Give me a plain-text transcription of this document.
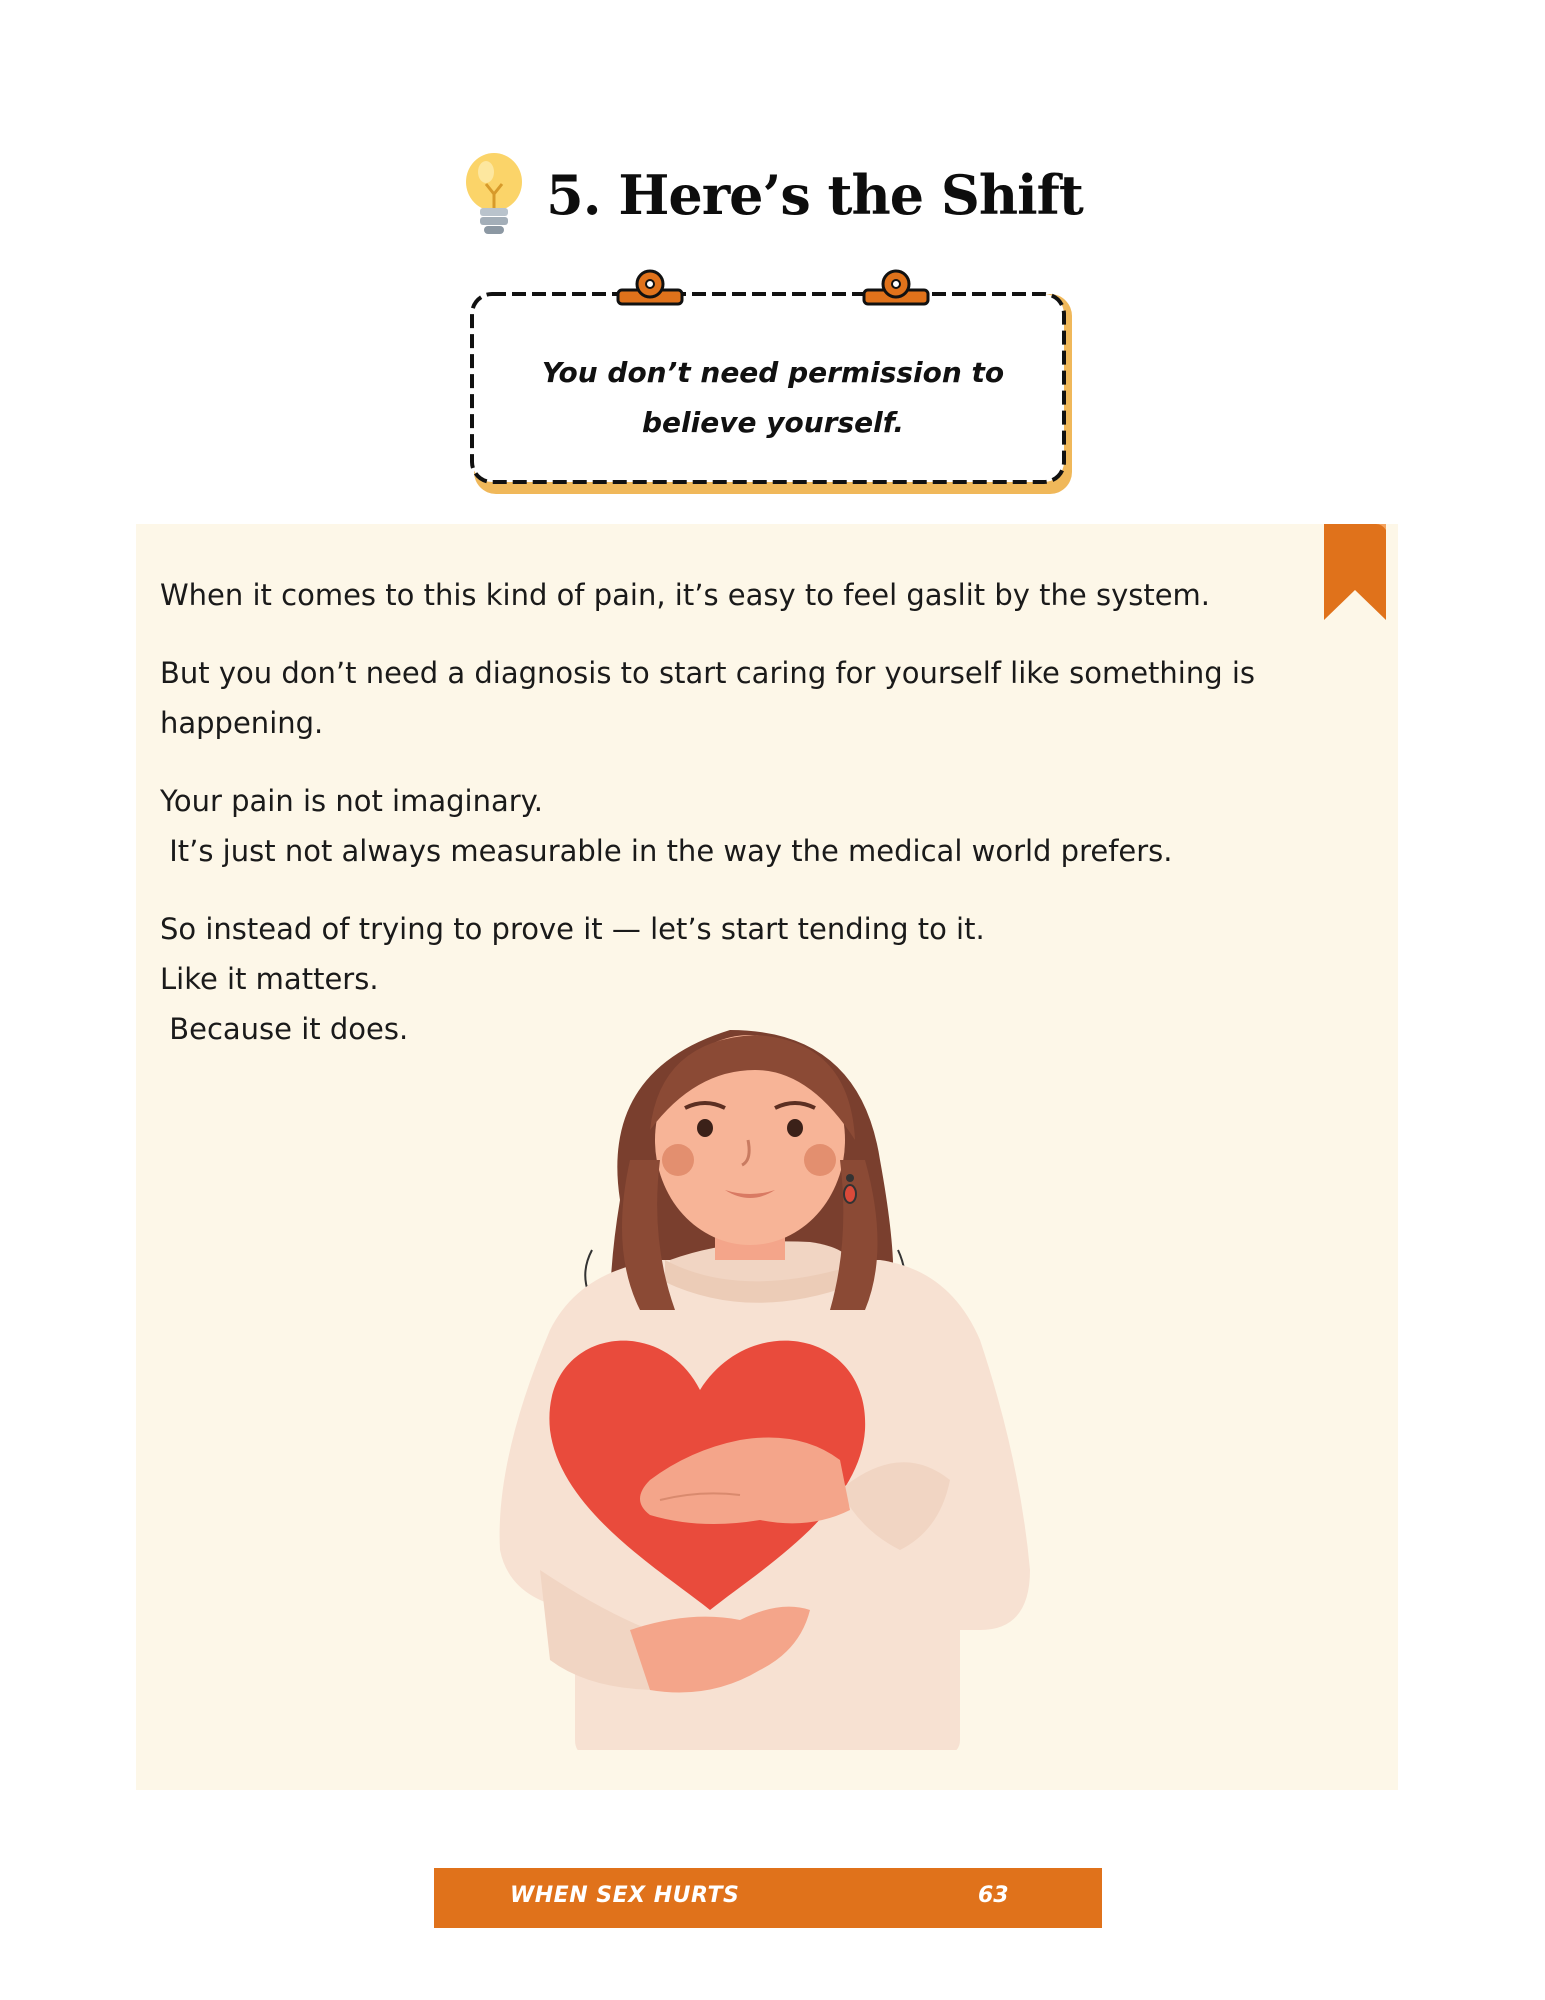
5. Here’s the Shift
You don’t need permission to
believe yourself.
When it comes to this kind of pain, it’s easy to feel gaslit by the system.
But you don’t need a diagnosis to start caring for yourself like something is
happening.
Your pain is not imaginary.
It’s just not always measurable in the way the medical world prefers.
So instead of trying to prove it — let’s start tending to it.
Like it matters.
Because it does.
WHEN SEX HURTS	63
